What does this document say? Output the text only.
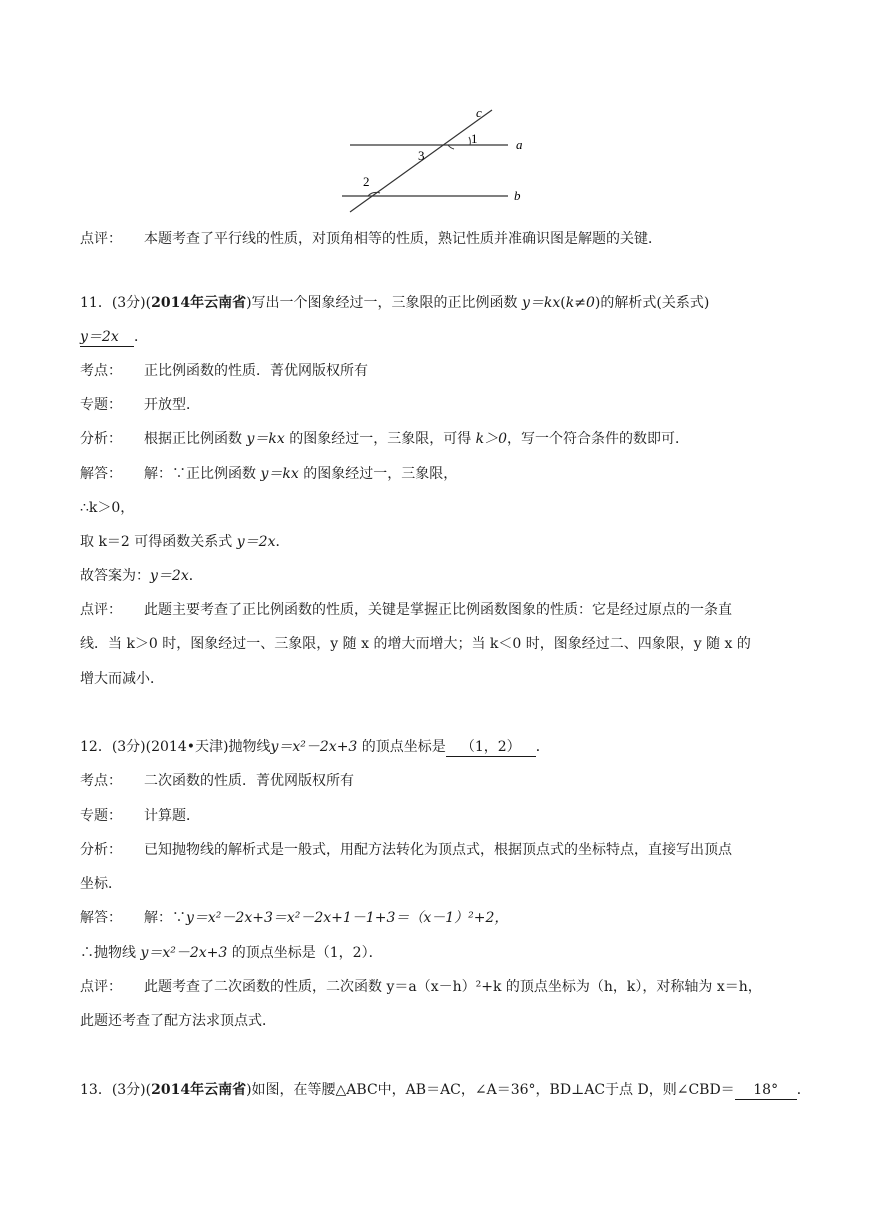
c
1	a
3
2
b
点评： 本题考查了平行线的性质，对顶角相等的性质，熟记性质并准确识图是解题的关键．
11．(3分)(2014年云南省)写出一个图象经过一，三象限的正比例函数 y＝kx(k≠0)的解析式(关系式)
y＝2x ．
考点： 正比例函数的性质．菁优网版权所有
专题： 开放型．
分析： 根据正比例函数 y＝kx 的图象经过一，三象限，可得 k＞0，写一个符合条件的数即可．
解答： 解：∵正比例函数 y＝kx 的图象经过一，三象限，
∴k＞0，
取 k＝2 可得函数关系式 y＝2x．
故答案为：y＝2x．
点评： 此题主要考查了正比例函数的性质，关键是掌握正比例函数图象的性质：它是经过原点的一条直
线．当 k＞0 时，图象经过一、三象限，y 随 x 的增大而增大；当 k＜0 时，图象经过二、四象限，y 随 x 的
增大而减小．
12．(3分)(2014•天津)抛物线y＝x²－2x+3 的顶点坐标是 （1，2） ．
考点： 二次函数的性质．菁优网版权所有
专题： 计算题．
分析： 已知抛物线的解析式是一般式，用配方法转化为顶点式，根据顶点式的坐标特点，直接写出顶点
坐标．
解答： 解：∵y＝x²－2x+3＝x²－2x+1－1+3＝（x－1）²+2，
∴抛物线 y＝x²－2x+3 的顶点坐标是（1，2）．
点评： 此题考查了二次函数的性质，二次函数 y＝a（x－h）²+k 的顶点坐标为（h，k），对称轴为 x＝h，
此题还考查了配方法求顶点式．
13．(3分)(2014年云南省)如图，在等腰△ABC中，AB＝AC，∠A＝36°，BD⊥AC于点 D，则∠CBD＝ 18° ．
